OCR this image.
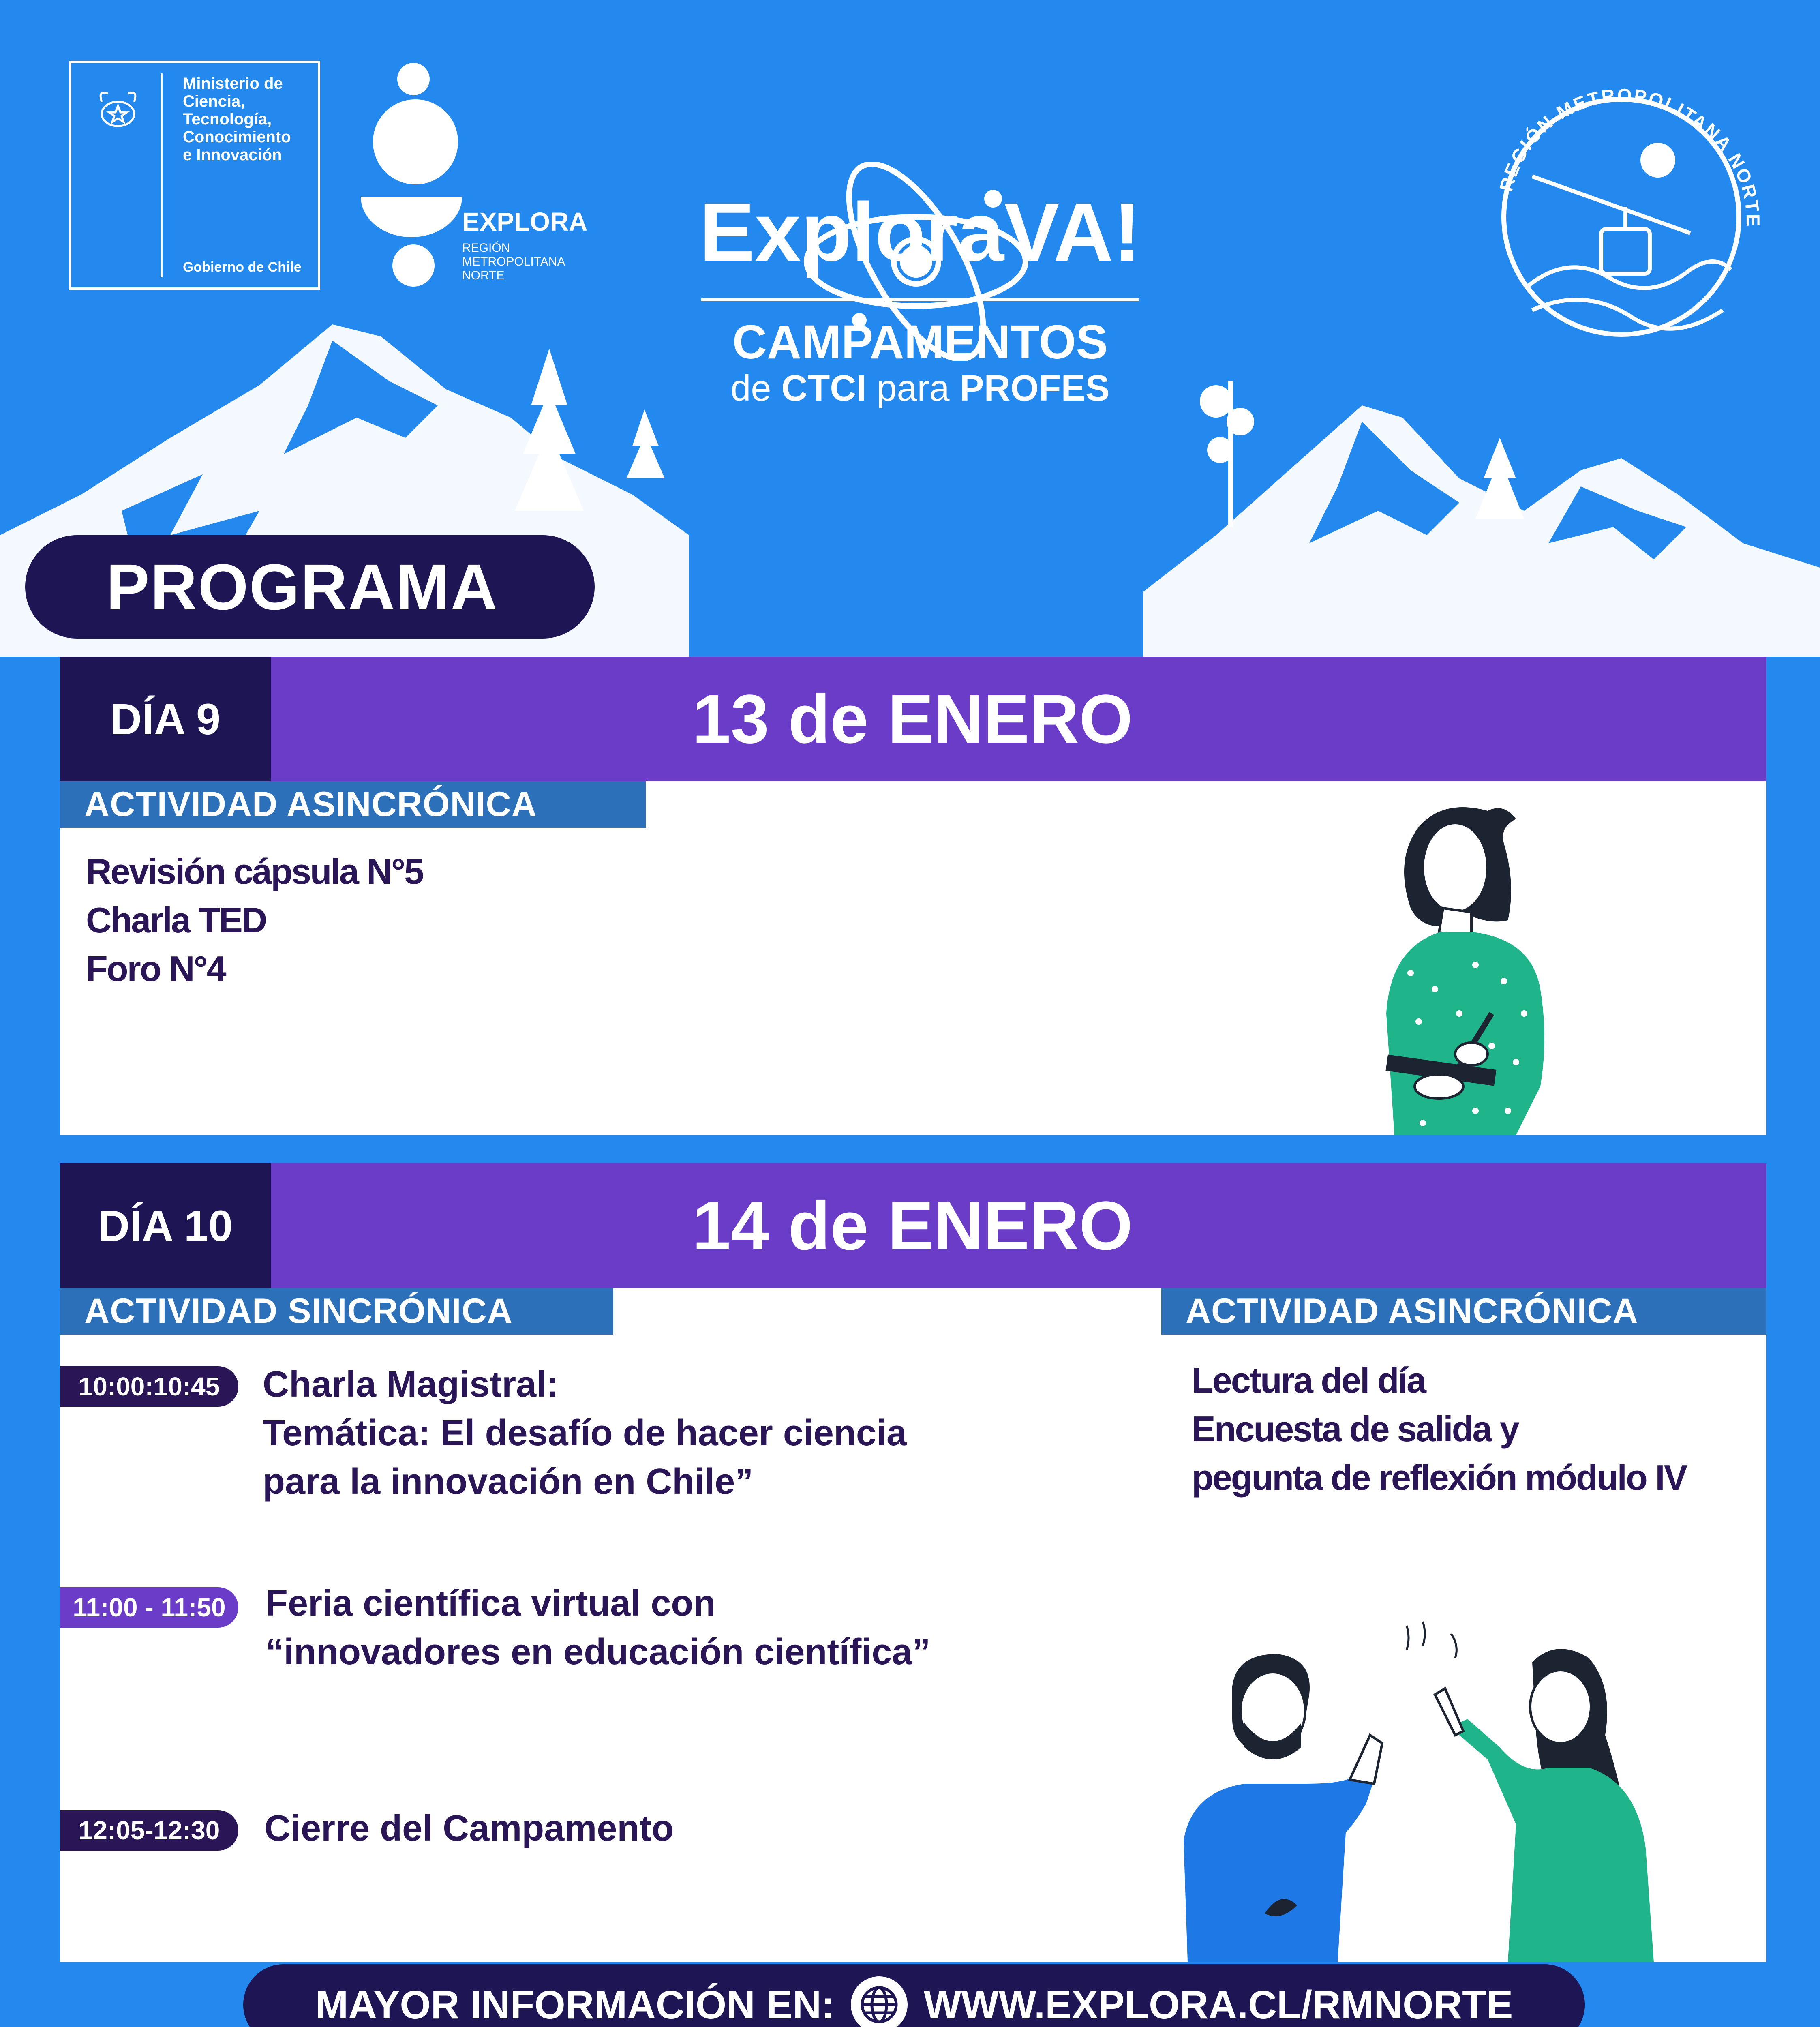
Ministerio de
Ciencia,
Tecnología,
Conocimiento
e Innovación
Gobierno de Chile
EXPLORA
REGIÓN METROPOLITANA NORTE
REGIÓN METROPOLITANA NORTE
ExploraVA!
CAMPAMENTOS
de CTCI para PROFES
PROGRAMA
DÍA 9	13 de ENERO
ACTIVIDAD ASINCRÓNICA
Revisión cápsula N°5
Charla TED
Foro N°4
DÍA 10	14 de ENERO
ACTIVIDAD SINCRÓNICA	ACTIVIDAD ASINCRÓNICA
10:00:10:45 Charla Magistral:
Temática: El desafío de hacer ciencia
para la innovación en Chile”
11:00 - 11:50 Feria científica virtual con
“innovadores en educación científica”
12:05-12:30 Cierre del Campamento
Lectura del día
Encuesta de salida y
pegunta de reflexión módulo IV
MAYOR INFORMACIÓN EN: WWW.EXPLORA.CL/RMNORTE
